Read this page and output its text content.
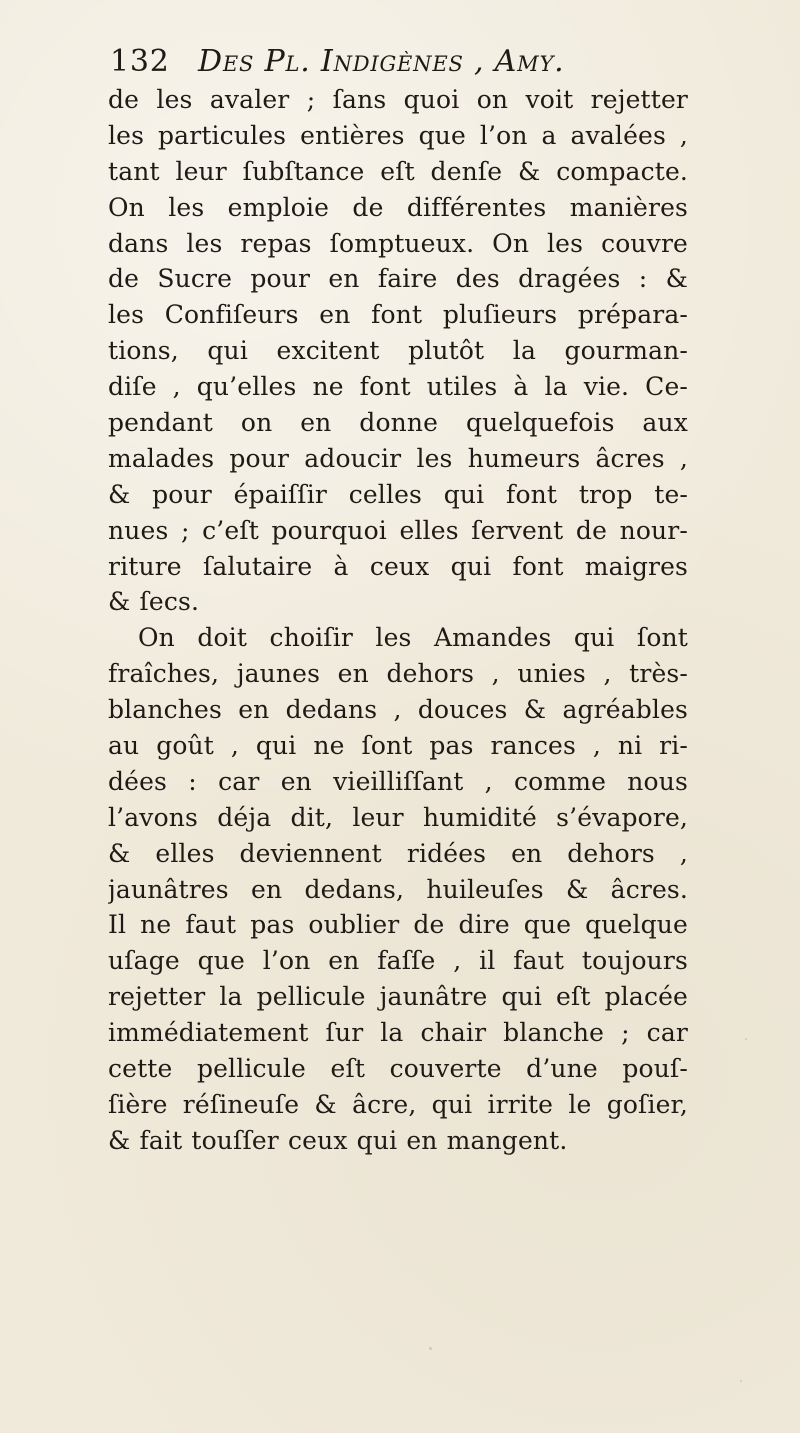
132 Des Pl. Indigènes , Amy.
de les avaler ; ſans quoi on voit rejetter
les particules entières que l’on a avalées ,
tant leur ſubſtance eſt denſe & compacte.
On les emploie de différentes manières
dans les repas ſomptueux. On les couvre
de Sucre pour en faire des dragées : &
les Confiſeurs en font pluſieurs prépara-
tions, qui excitent plutôt la gourman-
diſe , qu’elles ne font utiles à la vie. Ce-
pendant on en donne quelquefois aux
malades pour adoucir les humeurs âcres ,
& pour épaiſſir celles qui font trop te-
nues ; c’eſt pourquoi elles ſervent de nour-
riture ſalutaire à ceux qui font maigres
& ſecs.
On doit choiſir les Amandes qui ſont
fraîches, jaunes en dehors , unies , très-
blanches en dedans , douces & agréables
au goût , qui ne ſont pas rances , ni ri-
dées : car en vieilliſſant , comme nous
l’avons déja dit, leur humidité s’évapore,
& elles deviennent ridées en dehors ,
jaunâtres en dedans, huileuſes & âcres.
Il ne faut pas oublier de dire que quelque
uſage que l’on en faſſe , il faut toujours
rejetter la pellicule jaunâtre qui eſt placée
immédiatement ſur la chair blanche ; car
cette pellicule eſt couverte d’une pouſ-
ſière réſineuſe & âcre, qui irrite le goſier,
& fait touſſer ceux qui en mangent.
